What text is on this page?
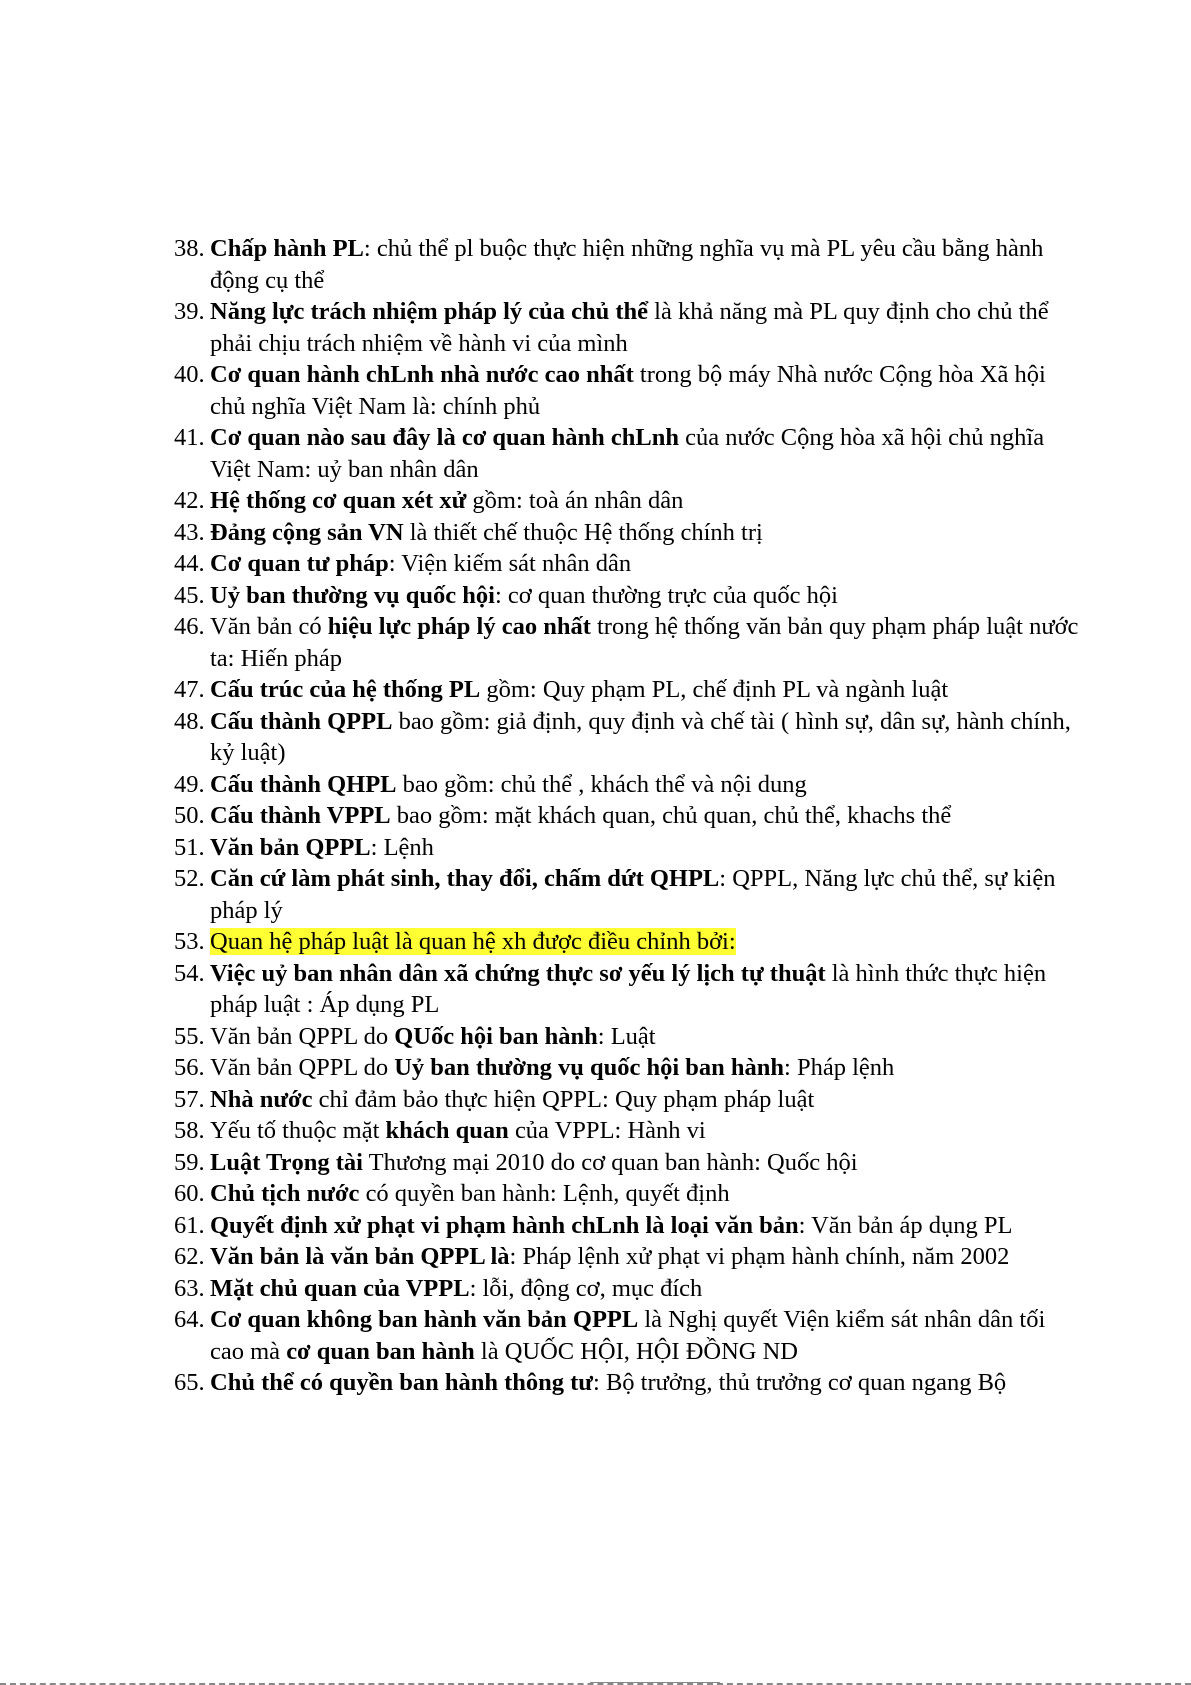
38. Chấp hành PL: chủ thể pl buộc thực hiện những nghĩa vụ mà PL yêu cầu bằng hành động cụ thể
39. Năng lực trách nhiệm pháp lý của chủ thể là khả năng mà PL quy định cho chủ thể phải chịu trách nhiệm về hành vi của mình
40. Cơ quan hành chLnh nhà nước cao nhất trong bộ máy Nhà nước Cộng hòa Xã hội chủ nghĩa Việt Nam là: chính phủ
41. Cơ quan nào sau đây là cơ quan hành chLnh của nước Cộng hòa xã hội chủ nghĩa Việt Nam: uỷ ban nhân dân
42. Hệ thống cơ quan xét xử gồm: toà án nhân dân
43. Đảng cộng sản VN là thiết chế thuộc Hệ thống chính trị
44. Cơ quan tư pháp: Viện kiếm sát nhân dân
45. Uỷ ban thường vụ quốc hội: cơ quan thường trực của quốc hội
46. Văn bản có hiệu lực pháp lý cao nhất trong hệ thống văn bản quy phạm pháp luật nước ta: Hiến pháp
47. Cấu trúc của hệ thống PL gồm: Quy phạm PL, chế định PL và ngành luật
48. Cấu thành QPPL bao gồm: giả định, quy định và chế tài ( hình sự, dân sự, hành chính, kỷ luật)
49. Cấu thành QHPL bao gồm: chủ thể , khách thể và nội dung
50. Cấu thành VPPL bao gồm: mặt khách quan, chủ quan, chủ thể, khachs thể
51. Văn bản QPPL: Lệnh
52. Căn cứ làm phát sinh, thay đổi, chấm dứt QHPL: QPPL, Năng lực chủ thể, sự kiện pháp lý
53. Quan hệ pháp luật là quan hệ xh được điều chỉnh bởi:
54. Việc uỷ ban nhân dân xã chứng thực sơ yếu lý lịch tự thuật là hình thức thực hiện pháp luật : Áp dụng PL
55. Văn bản QPPL do QUốc hội ban hành: Luật
56. Văn bản QPPL do Uỷ ban thường vụ quốc hội ban hành: Pháp lệnh
57. Nhà nước chỉ đảm bảo thực hiện QPPL: Quy phạm pháp luật
58. Yếu tố thuộc mặt khách quan của VPPL: Hành vi
59. Luật Trọng tài Thương mại 2010 do cơ quan ban hành: Quốc hội
60. Chủ tịch nước có quyền ban hành: Lệnh, quyết định
61. Quyết định xử phạt vi phạm hành chLnh là loại văn bản: Văn bản áp dụng PL
62. Văn bản là văn bản QPPL là: Pháp lệnh xử phạt vi phạm hành chính, năm 2002
63. Mặt chủ quan của VPPL: lỗi, động cơ, mục đích
64. Cơ quan không ban hành văn bản QPPL là Nghị quyết Viện kiểm sát nhân dân tối cao mà cơ quan ban hành là QUỐC HỘI, HỘI ĐỒNG ND
65. Chủ thể có quyền ban hành thông tư: Bộ trưởng, thủ trưởng cơ quan ngang Bộ
